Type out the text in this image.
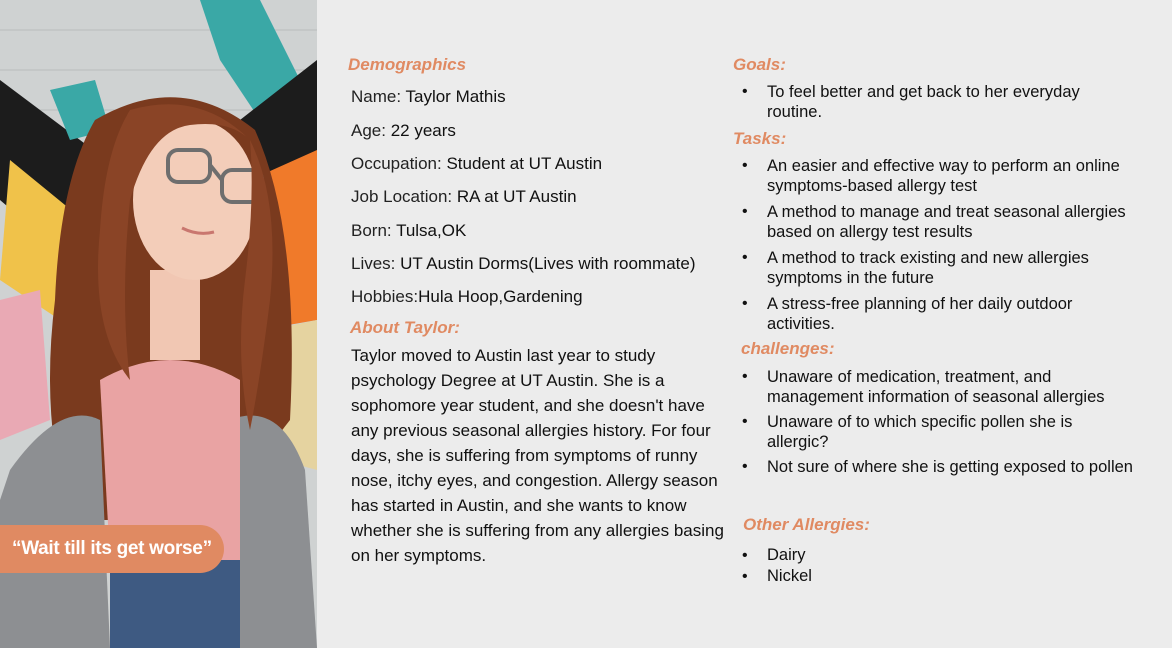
“Wait till its get worse”
Demographics
Name: Taylor Mathis
Age: 22 years
Occupation: Student at UT Austin
Job Location: RA at UT Austin
Born: Tulsa,OK
Lives: UT Austin Dorms(Lives with roommate)
Hobbies:Hula Hoop,Gardening
About Taylor:
Taylor moved to Austin last year to study psychology Degree at UT Austin. She is a sophomore year student, and she doesn't have any previous seasonal allergies history. For four days, she is suffering from symptoms of runny nose, itchy eyes, and congestion. Allergy season has started in Austin, and she wants to know whether she is suffering from any allergies basing on her symptoms.
Goals:
• To feel better and get back to her everyday routine.
Tasks:
• An easier and effective way to perform an online symptoms-based allergy test
• A method to manage and treat seasonal allergies based on allergy test results
• A method to track existing and new allergies symptoms in the future
• A stress-free planning of her daily outdoor activities.
challenges:
• Unaware of medication, treatment, and management information of seasonal allergies
• Unaware of to which specific pollen she is allergic?
• Not sure of where she is getting exposed to pollen
Other Allergies:
• Dairy
• Nickel
